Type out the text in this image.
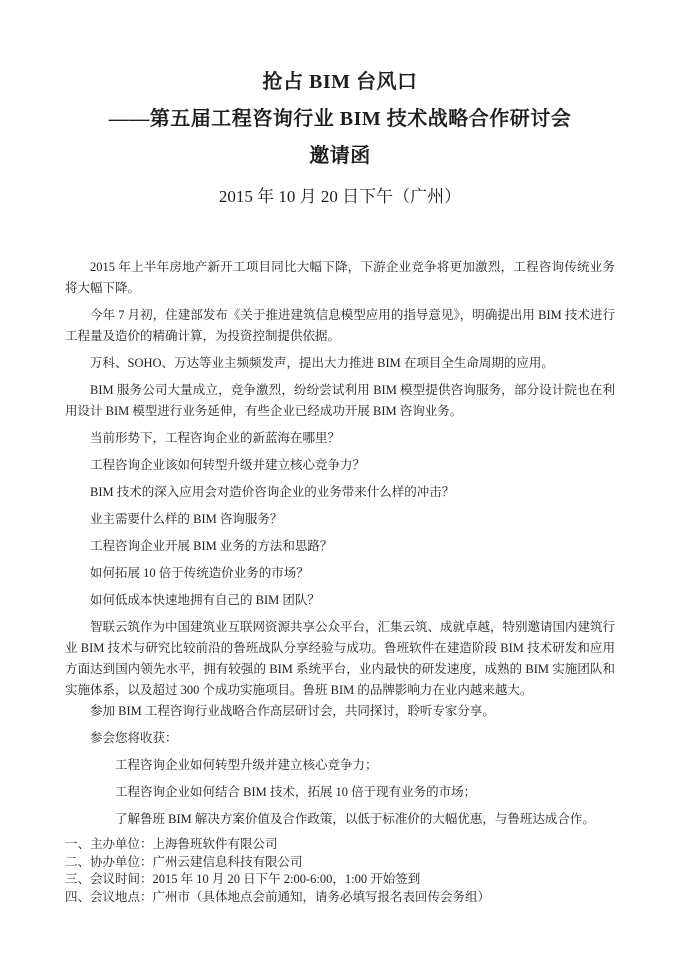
抢占 BIM 台风口
——第五届工程咨询行业 BIM 技术战略合作研讨会
邀请函
2015 年 10 月 20 日下午（广州）

2015 年上半年房地产新开工项目同比大幅下降，下游企业竞争将更加激烈，工程咨询传统业务将大幅下降。

今年 7 月初，住建部发布《关于推进建筑信息模型应用的指导意见》，明确提出用 BIM 技术进行工程量及造价的精确计算，为投资控制提供依据。

万科、SOHO、万达等业主频频发声，提出大力推进 BIM 在项目全生命周期的应用。

BIM 服务公司大量成立，竞争激烈，纷纷尝试利用 BIM 模型提供咨询服务，部分设计院也在利用设计 BIM 模型进行业务延伸，有些企业已经成功开展 BIM 咨询业务。

当前形势下，工程咨询企业的新蓝海在哪里？

工程咨询企业该如何转型升级并建立核心竞争力？

BIM 技术的深入应用会对造价咨询企业的业务带来什么样的冲击？

业主需要什么样的 BIM 咨询服务？

工程咨询企业开展 BIM 业务的方法和思路？

如何拓展 10 倍于传统造价业务的市场？

如何低成本快速地拥有自己的 BIM 团队？

智联云筑作为中国建筑业互联网资源共享公众平台，汇集云筑、成就卓越，特别邀请国内建筑行业 BIM 技术与研究比较前沿的鲁班战队分享经验与成功。鲁班软件在建造阶段 BIM 技术研发和应用方面达到国内领先水平，拥有较强的 BIM 系统平台，业内最快的研发速度，成熟的 BIM 实施团队和实施体系，以及超过 300 个成功实施项目。鲁班 BIM 的品牌影响力在业内越来越大。

参加 BIM 工程咨询行业战略合作高层研讨会，共同探讨，聆听专家分享。

参会您将收获：

工程咨询企业如何转型升级并建立核心竞争力；

工程咨询企业如何结合 BIM 技术，拓展 10 倍于现有业务的市场；

了解鲁班 BIM 解决方案价值及合作政策，以低于标准价的大幅优惠，与鲁班达成合作。

一、主办单位：上海鲁班软件有限公司

二、协办单位：广州云建信息科技有限公司

三、会议时间：2015 年 10 月 20 日下午 2:00-6:00，1:00 开始签到

四、会议地点：广州市（具体地点会前通知，请务必填写报名表回传会务组）
